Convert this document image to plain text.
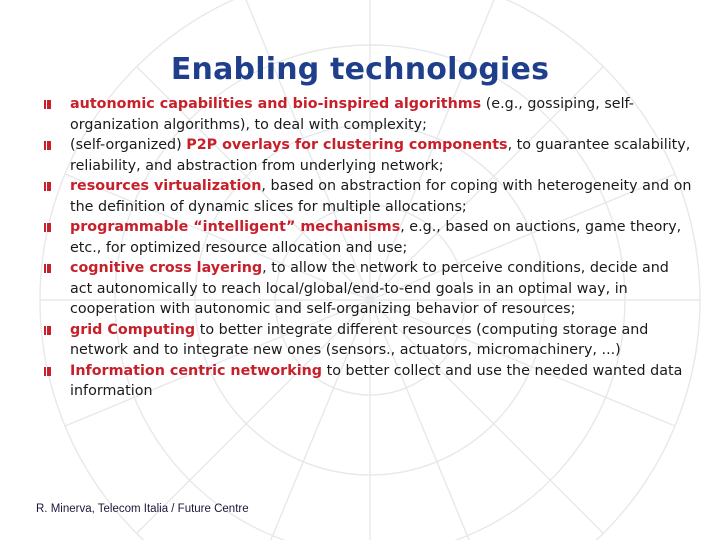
Enabling technologies
autonomic capabilities and bio-inspired algorithms (e.g., gossiping, self-organization algorithms), to deal with complexity;
(self-organized) P2P overlays for clustering components, to guarantee scalability, reliability, and abstraction from underlying network;
resources virtualization, based on abstraction for coping with heterogeneity and on the definition of dynamic slices for multiple allocations;
programmable “intelligent” mechanisms, e.g., based on auctions, game theory, etc., for optimized resource allocation and use;
cognitive cross layering, to allow the network to perceive conditions, decide and act autonomically to reach local/global/end-to-end goals in an optimal way, in cooperation with autonomic and self-organizing behavior of resources;
grid Computing to better integrate different resources (computing storage and network and to integrate new ones (sensors., actuators, micromachinery, ...)
Information centric networking to better collect and use the needed wanted data information
R. Minerva, Telecom Italia / Future Centre
